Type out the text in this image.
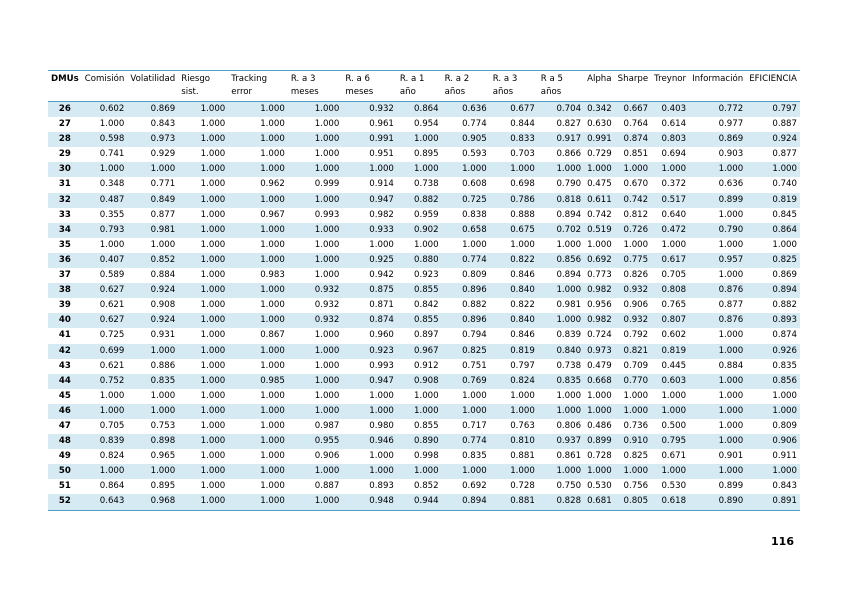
DMUs	Comisión	Volatilidad	Riesgo sist.	Tracking error	R. a 3 meses	R. a 6 meses	R. a 1 año	R. a 2 años	R. a 3 años	R a 5 años	Alpha	Sharpe	Treynor	Información	EFICIENCIA
26	0.602	0.869	1.000	1.000	1.000	0.932	0.864	0.636	0.677	0.704	0.342	0.667	0.403	0.772	0.797
27	1.000	0.843	1.000	1.000	1.000	0.961	0.954	0.774	0.844	0.827	0.630	0.764	0.614	0.977	0.887
28	0.598	0.973	1.000	1.000	1.000	0.991	1.000	0.905	0.833	0.917	0.991	0.874	0.803	0.869	0.924
29	0.741	0.929	1.000	1.000	1.000	0.951	0.895	0.593	0.703	0.866	0.729	0.851	0.694	0.903	0.877
30	1.000	1.000	1.000	1.000	1.000	1.000	1.000	1.000	1.000	1.000	1.000	1.000	1.000	1.000	1.000
31	0.348	0.771	1.000	0.962	0.999	0.914	0.738	0.608	0.698	0.790	0.475	0.670	0.372	0.636	0.740
32	0.487	0.849	1.000	1.000	1.000	0.947	0.882	0.725	0.786	0.818	0.611	0.742	0.517	0.899	0.819
33	0.355	0.877	1.000	0.967	0.993	0.982	0.959	0.838	0.888	0.894	0.742	0.812	0.640	1.000	0.845
34	0.793	0.981	1.000	1.000	1.000	0.933	0.902	0.658	0.675	0.702	0.519	0.726	0.472	0.790	0.864
35	1.000	1.000	1.000	1.000	1.000	1.000	1.000	1.000	1.000	1.000	1.000	1.000	1.000	1.000	1.000
36	0.407	0.852	1.000	1.000	1.000	0.925	0.880	0.774	0.822	0.856	0.692	0.775	0.617	0.957	0.825
37	0.589	0.884	1.000	0.983	1.000	0.942	0.923	0.809	0.846	0.894	0.773	0.826	0.705	1.000	0.869
38	0.627	0.924	1.000	1.000	0.932	0.875	0.855	0.896	0.840	1.000	0.982	0.932	0.808	0.876	0.894
39	0.621	0.908	1.000	1.000	0.932	0.871	0.842	0.882	0.822	0.981	0.956	0.906	0.765	0.877	0.882
40	0.627	0.924	1.000	1.000	0.932	0.874	0.855	0.896	0.840	1.000	0.982	0.932	0.807	0.876	0.893
41	0.725	0.931	1.000	0.867	1.000	0.960	0.897	0.794	0.846	0.839	0.724	0.792	0.602	1.000	0.874
42	0.699	1.000	1.000	1.000	1.000	0.923	0.967	0.825	0.819	0.840	0.973	0.821	0.819	1.000	0.926
43	0.621	0.886	1.000	1.000	1.000	0.993	0.912	0.751	0.797	0.738	0.479	0.709	0.445	0.884	0.835
44	0.752	0.835	1.000	0.985	1.000	0.947	0.908	0.769	0.824	0.835	0.668	0.770	0.603	1.000	0.856
45	1.000	1.000	1.000	1.000	1.000	1.000	1.000	1.000	1.000	1.000	1.000	1.000	1.000	1.000	1.000
46	1.000	1.000	1.000	1.000	1.000	1.000	1.000	1.000	1.000	1.000	1.000	1.000	1.000	1.000	1.000
47	0.705	0.753	1.000	1.000	0.987	0.980	0.855	0.717	0.763	0.806	0.486	0.736	0.500	1.000	0.809
48	0.839	0.898	1.000	1.000	0.955	0.946	0.890	0.774	0.810	0.937	0.899	0.910	0.795	1.000	0.906
49	0.824	0.965	1.000	1.000	0.906	1.000	0.998	0.835	0.881	0.861	0.728	0.825	0.671	0.901	0.911
50	1.000	1.000	1.000	1.000	1.000	1.000	1.000	1.000	1.000	1.000	1.000	1.000	1.000	1.000	1.000
51	0.864	0.895	1.000	1.000	0.887	0.893	0.852	0.692	0.728	0.750	0.530	0.756	0.530	0.899	0.843
52	0.643	0.968	1.000	1.000	1.000	0.948	0.944	0.894	0.881	0.828	0.681	0.805	0.618	0.890	0.891
116
